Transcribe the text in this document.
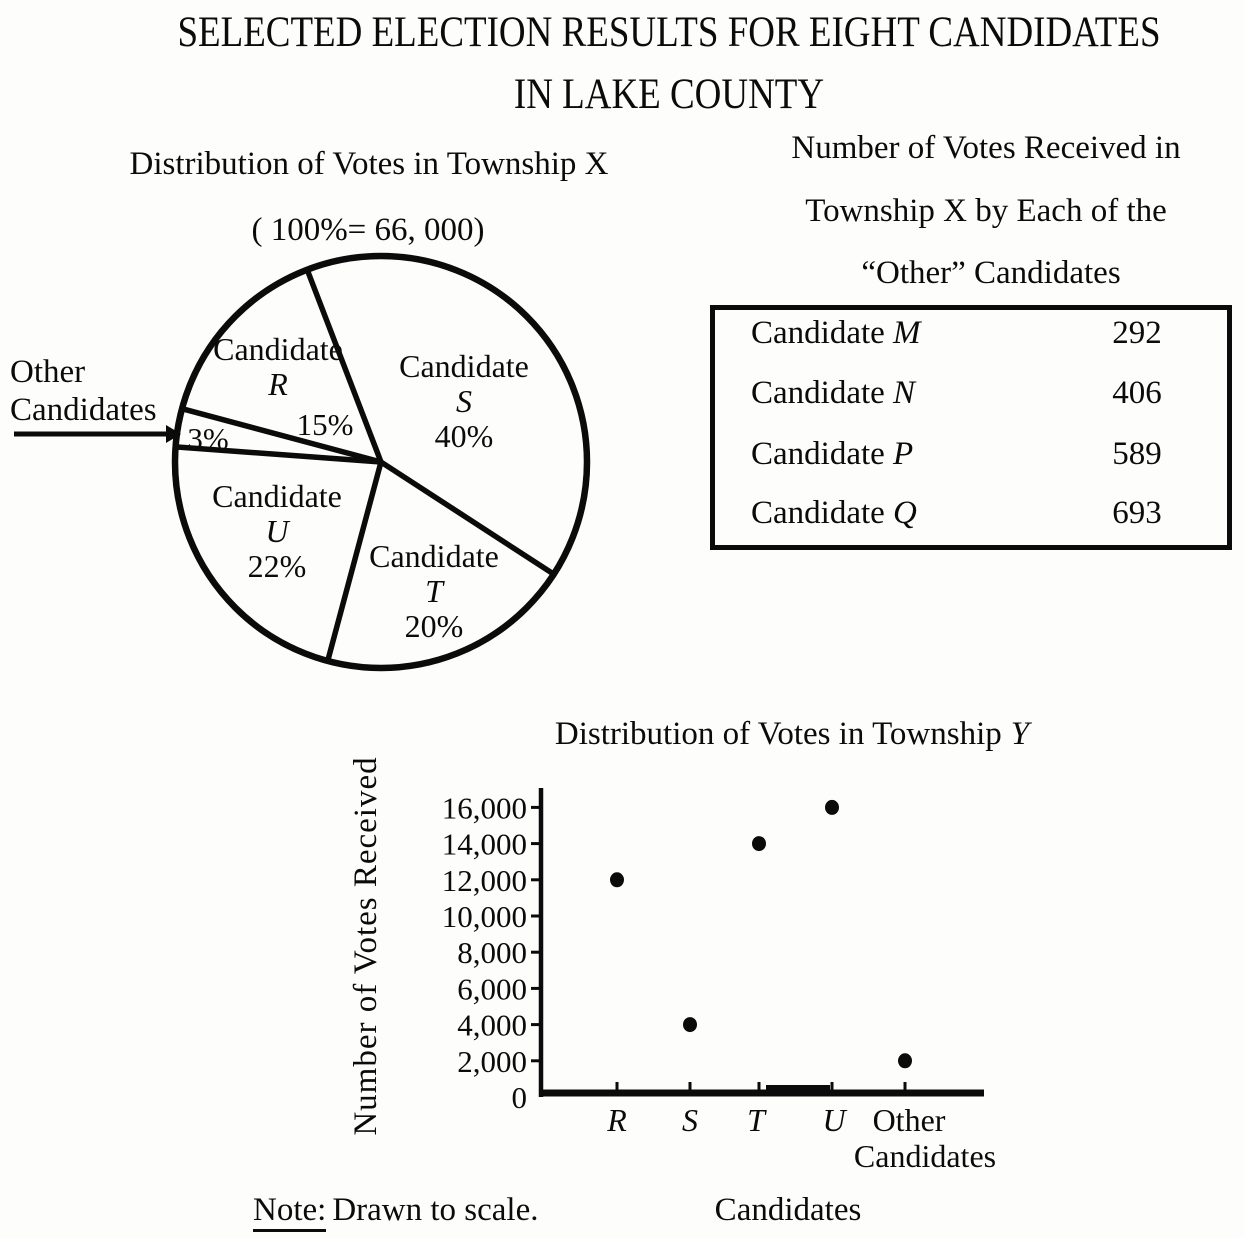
16,000
14,000
12,000
10,000
8,000
6,000
4,000
2,000
0
R S T U Other
Candidates
SELECTED ELECTION RESULTS FOR EIGHT CANDIDATES
IN LAKE COUNTY
Distribution of Votes in Township X
( 100%= 66, 000)
Candidate
S
40%
Candidate
T
20%
Candidate
U
22%
Candidate
R
15%
3%
Other
Candidates
Number of Votes Received in
Township X by Each of the
“Other” Candidates
Candidate M	292
Candidate N	406
Candidate P	589
Candidate Q	693
Distribution of Votes in Township Y
Number of Votes Received
Candidates
Note: Drawn to scale.
